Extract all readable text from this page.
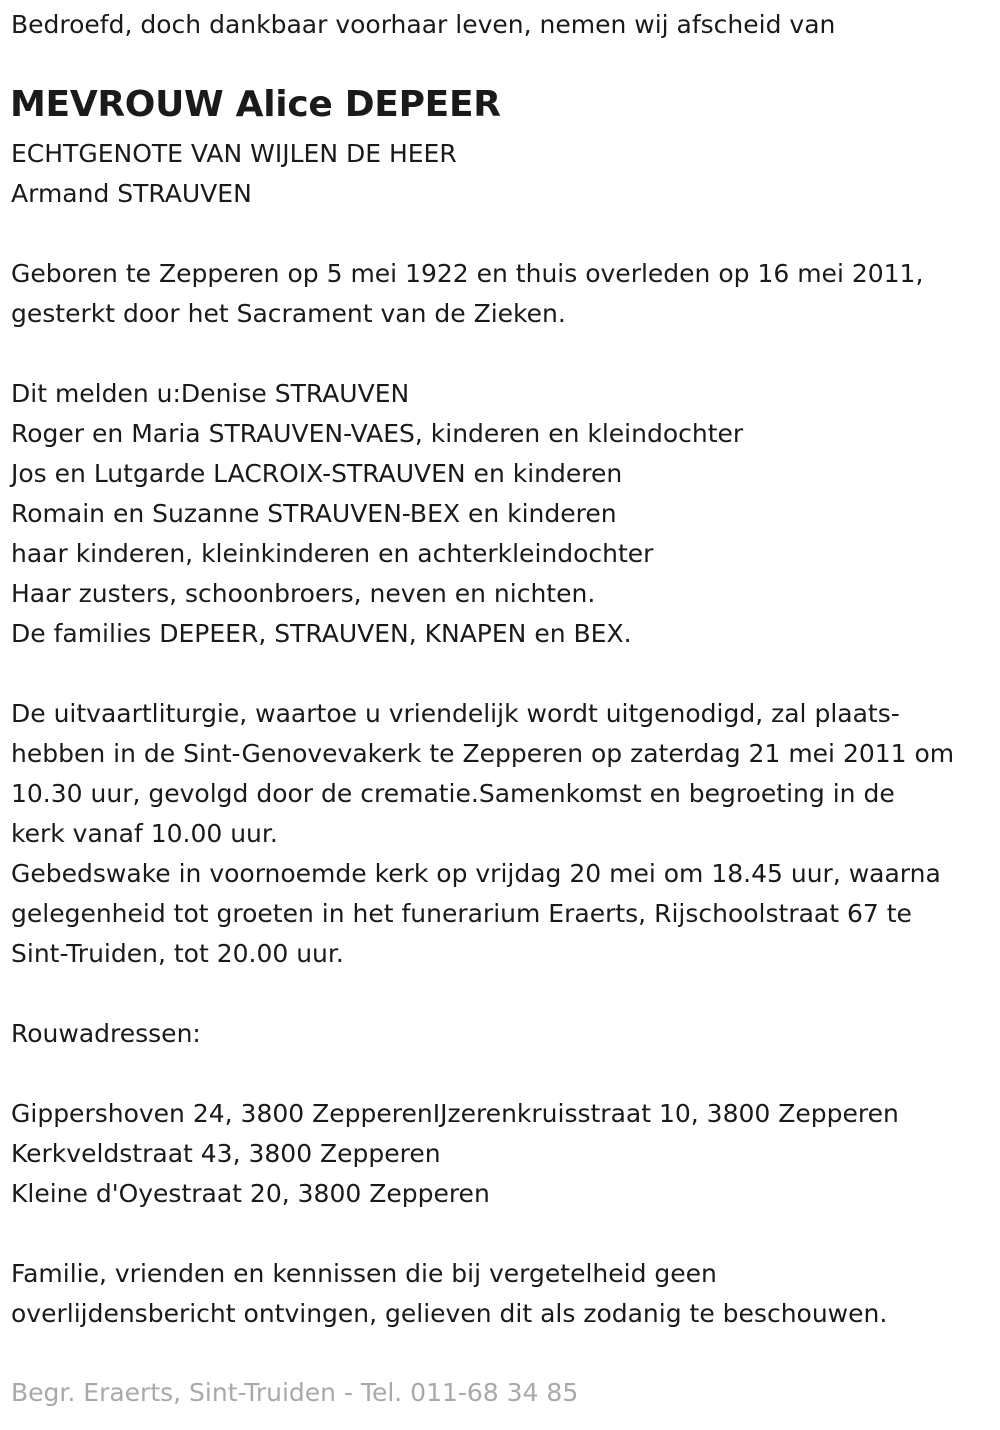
Bedroefd, doch dankbaar voorhaar leven, nemen wij afscheid van
MEVROUW Alice DEPEER
ECHTGENOTE VAN WIJLEN DE HEER
Armand STRAUVEN
Geboren te Zepperen op 5 mei 1922 en thuis overleden op 16 mei 2011,
gesterkt door het Sacrament van de Zieken.
Dit melden u:Denise STRAUVEN
Roger en Maria STRAUVEN-VAES, kinderen en kleindochter
Jos en Lutgarde LACROIX-STRAUVEN en kinderen
Romain en Suzanne STRAUVEN-BEX en kinderen
haar kinderen, kleinkinderen en achterkleindochter
Haar zusters, schoonbroers, neven en nichten.
De families DEPEER, STRAUVEN, KNAPEN en BEX.
De uitvaartliturgie, waartoe u vriendelijk wordt uitgenodigd, zal plaats-
hebben in de Sint-Genovevakerk te Zepperen op zaterdag 21 mei 2011 om
10.30 uur, gevolgd door de crematie.Samenkomst en begroeting in de
kerk vanaf 10.00 uur.
Gebedswake in voornoemde kerk op vrijdag 20 mei om 18.45 uur, waarna
gelegenheid tot groeten in het funerarium Eraerts, Rijschoolstraat 67 te
Sint-Truiden, tot 20.00 uur.
Rouwadressen:
Gippershoven 24, 3800 ZepperenIJzerenkruisstraat 10, 3800 Zepperen
Kerkveldstraat 43, 3800 Zepperen
Kleine d'Oyestraat 20, 3800 Zepperen
Familie, vrienden en kennissen die bij vergetelheid geen
overlijdensbericht ontvingen, gelieven dit als zodanig te beschouwen.
Begr. Eraerts, Sint-Truiden - Tel. 011-68 34 85
